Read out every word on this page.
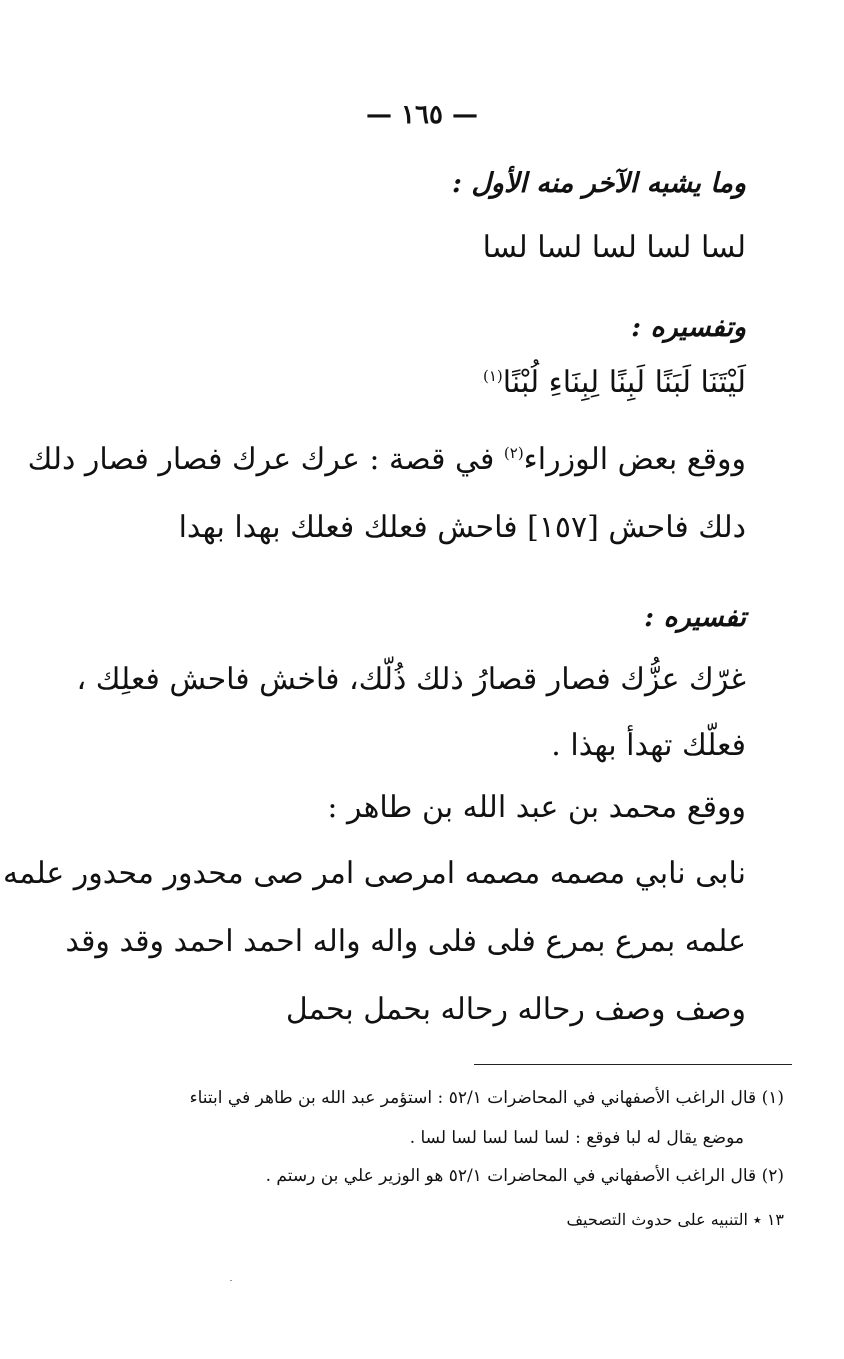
— ١٦٥ —
وما يشبه الآخر منه الأول :
لسا لسا لسا لسا لسا
وتفسيره :
لَيْتَنَا لَبَنًا لَبِنًا لِبِنَاءِ لُبْنًا$^{(١)}$
ووقع بعض الوزراء$^{(٢)}$ في قصة : عرك عرك فصار فصار دلك
دلك فاحش [١٥٧] فاحش فعلك فعلك بهدا بهدا
تفسيره :
غرّك عزُّك فصار قصارُ ذلك ذُلّك، فاخش فاحش فعلِك ،
فعلّك تهدأ بهذا .
ووقع محمد بن عبد الله بن طاهر :
نابى نابي مصمه مصمه امرصى امر صى محدور محدور علمه
علمه بمرع بمرع فلى فلى واله واله احمد احمد وقد وقد
وصف وصف رحاله رحاله بحمل بحمل
(١) قال الراغب الأصفهاني في المحاضرات ٥٢/١ : استؤمر عبد الله بن طاهر في ابتناء
موضع يقال له لبا فوقع : لسا لسا لسا لسا لسا .
(٢) قال الراغب الأصفهاني في المحاضرات ٥٢/١ هو الوزير علي بن رستم .
١٣ ٭ التنبيه على حدوث التصحيف
